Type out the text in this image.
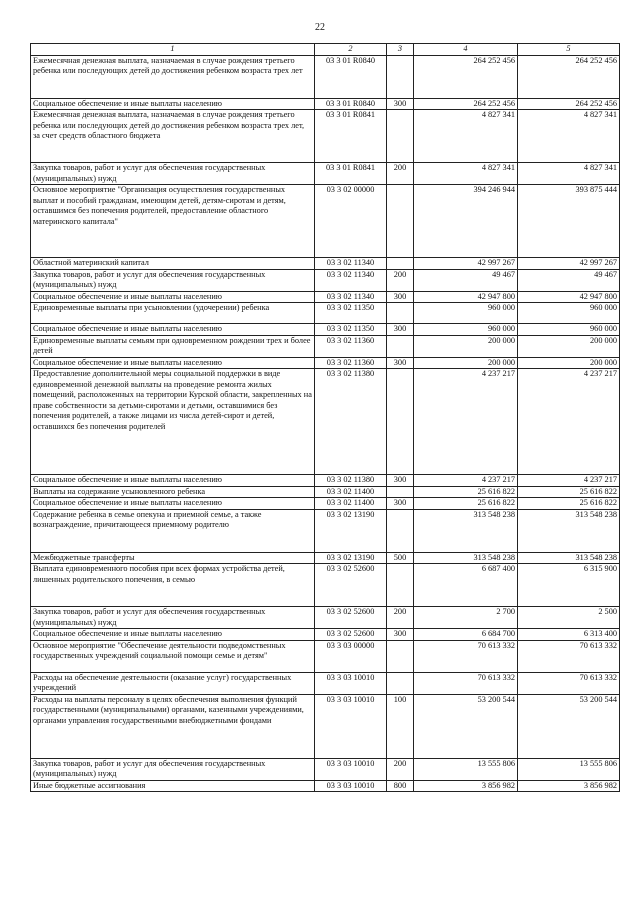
22
1	2	3	4	5
Ежемесячная денежная выплата, назначаемая в случае рождения третьего ребенка или последующих детей до достижения ребенком возраста трех лет	03 3 01 R0840		264 252 456	264 252 456
Социальное обеспечение и иные выплаты населению	03 3 01 R0840	300	264 252 456	264 252 456
Ежемесячная денежная выплата, назначаемая в случае рождения третьего ребенка или последующих детей до достижения ребенком возраста трех лет, за счет средств областного бюджета	03 3 01 R0841		4 827 341	4 827 341
Закупка товаров, работ и услуг для обеспечения государственных (муниципальных) нужд	03 3 01 R0841	200	4 827 341	4 827 341
Основное мероприятие "Организация осуществления государственных выплат и пособий гражданам, имеющим детей, детям-сиротам и детям, оставшимся без попечения родителей, предоставление областного материнского капитала"	03 3 02 00000		394 246 944	393 875 444
Областной материнский капитал	03 3 02 11340		42 997 267	42 997 267
Закупка товаров, работ и услуг для обеспечения государственных (муниципальных) нужд	03 3 02 11340	200	49 467	49 467
Социальное обеспечение и иные выплаты населению	03 3 02 11340	300	42 947 800	42 947 800
Единовременные выплаты при усыновлении (удочерении) ребенка	03 3 02 11350		960 000	960 000
Социальное обеспечение и иные выплаты населению	03 3 02 11350	300	960 000	960 000
Единовременные выплаты семьям при одновременном рождении трех и более детей	03 3 02 11360		200 000	200 000
Социальное обеспечение и иные выплаты населению	03 3 02 11360	300	200 000	200 000
Предоставление дополнительной меры социальной поддержки в виде единовременной денежной выплаты на проведение ремонта жилых помещений, расположенных на территории Курской области, закрепленных на праве собственности за детьми-сиротами и детьми, оставшимися без попечения родителей, а также лицами из числа детей-сирот и детей, оставшихся без попечения родителей	03 3 02 11380		4 237 217	4 237 217
Социальное обеспечение и иные выплаты населению	03 3 02 11380	300	4 237 217	4 237 217
Выплаты на содержание усыновленного ребенка	03 3 02 11400		25 616 822	25 616 822
Социальное обеспечение и иные выплаты населению	03 3 02 11400	300	25 616 822	25 616 822
Содержание ребенка в семье опекуна и приемной семье, а также вознаграждение, причитающееся приемному родителю	03 3 02 13190		313 548 238	313 548 238
Межбюджетные трансферты	03 3 02 13190	500	313 548 238	313 548 238
Выплата единовременного пособия при всех формах устройства детей, лишенных родительского попечения, в семью	03 3 02 52600		6 687 400	6 315 900
Закупка товаров, работ и услуг для обеспечения государственных (муниципальных) нужд	03 3 02 52600	200	2 700	2 500
Социальное обеспечение и иные выплаты населению	03 3 02 52600	300	6 684 700	6 313 400
Основное мероприятие "Обеспечение деятельности подведомственных государственных учреждений социальной помощи семье и детям"	03 3 03 00000		70 613 332	70 613 332
Расходы на обеспечение деятельности (оказание услуг) государственных учреждений	03 3 03 10010		70 613 332	70 613 332
Расходы на выплаты персоналу в целях обеспечения выполнения функций государственными (муниципальными) органами, казенными учреждениями, органами управления государственными внебюджетными фондами	03 3 03 10010	100	53 200 544	53 200 544
Закупка товаров, работ и услуг для обеспечения государственных (муниципальных) нужд	03 3 03 10010	200	13 555 806	13 555 806
Иные бюджетные ассигнования	03 3 03 10010	800	3 856 982	3 856 982
